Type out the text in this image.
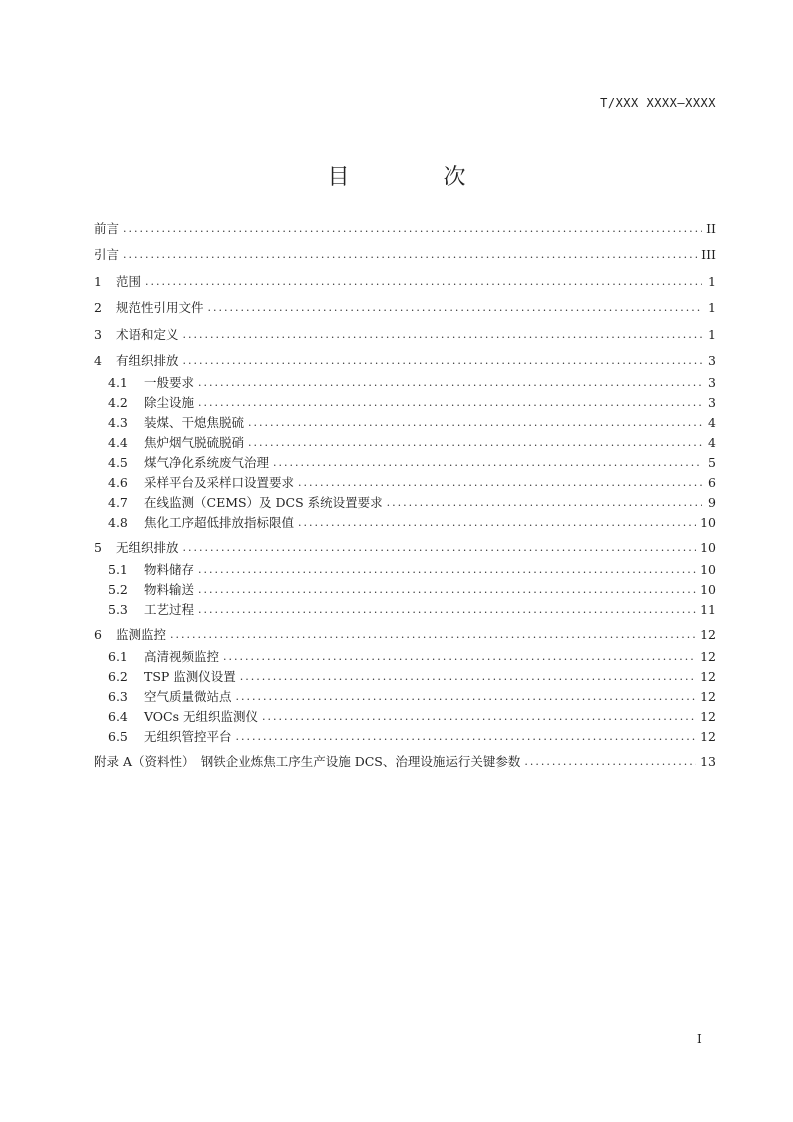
T/XXX XXXX—XXXX
目　次
前言 .....	II
引言 .....	III
1	范围 .....	1
2	规范性引用文件 .....	1
3	术语和定义 .....	1
4	有组织排放 .....	3
4.1	一般要求 .....	3
4.2	除尘设施 .....	3
4.3	装煤、干熄焦脱硫 .....	4
4.4	焦炉烟气脱硫脱硝 .....	4
4.5	煤气净化系统废气治理 .....	5
4.6	采样平台及采样口设置要求 .....	6
4.7	在线监测（CEMS）及 DCS 系统设置要求 .....	9
4.8	焦化工序超低排放指标限值 .....	10
5	无组织排放 .....	10
5.1	物料储存 .....	10
5.2	物料输送 .....	10
5.3	工艺过程 .....	11
6	监测监控 .....	12
6.1	高清视频监控 .....	12
6.2	TSP 监测仪设置 .....	12
6.3	空气质量微站点 .....	12
6.4	VOCs 无组织监测仪 .....	12
6.5	无组织管控平台 .....	12
附录 A（资料性）　钢铁企业炼焦工序生产设施 DCS、治理设施运行关键参数 .....	13
I
